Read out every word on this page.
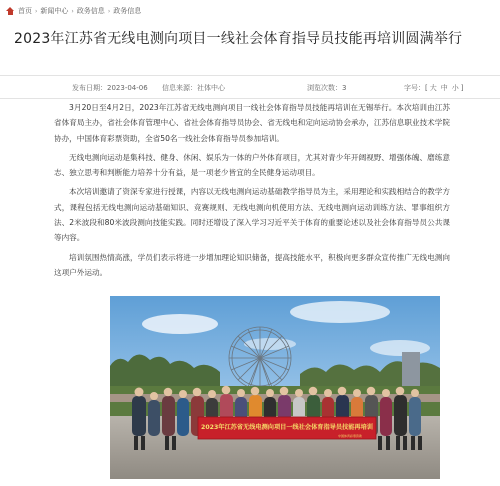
首页 › 新闻中心 › 政务信息 › 政务信息
2023年江苏省无线电测向项目一线社会体育指导员技能再培训圆满举行
发布日期：2023-04-06 信息来源：社体中心	浏览次数：3	字号：[ 大 中 小 ]

3月20日至4月2日，2023年江苏省无线电测向项目一线社会体育指导员技能再培训在无锡举行。本次培训由江苏省体育局主办，省社会体育管理中心、省社会体育指导员协会、省无线电和定向运动协会承办，江苏信息职业技术学院协办，中国体育彩票资助，全省50名一线社会体育指导员参加培训。

无线电测向运动是集科技、健身、休闲、娱乐为一体的户外体育项目，尤其对青少年开阔视野、增强体魄、磨练意志、独立思考和判断能力培养十分有益，是一项老少皆宜的全民健身运动项目。

本次培训邀请了资深专家进行授课，内容以无线电测向运动基础教学指导员为主，采用理论和实践相结合的教学方式，课程包括无线电测向运动基础知识、竞赛规则、无线电测向机使用方法、无线电测向运动训练方法、罪事组织方法、2米波段和80米波段测向技能实践。同时还增设了深入学习习近平关于体育的重要论述以及社会体育指导员公共课等内容。

培训氛围热情高涨，学员们表示将进一步增加理论知识储备，提高技能水平，积极向更多群众宣传推广无线电测向这项户外运动。

2023年江苏省无线电测向项目一线社会体育指导员技能再培训
中国体育彩票资助
